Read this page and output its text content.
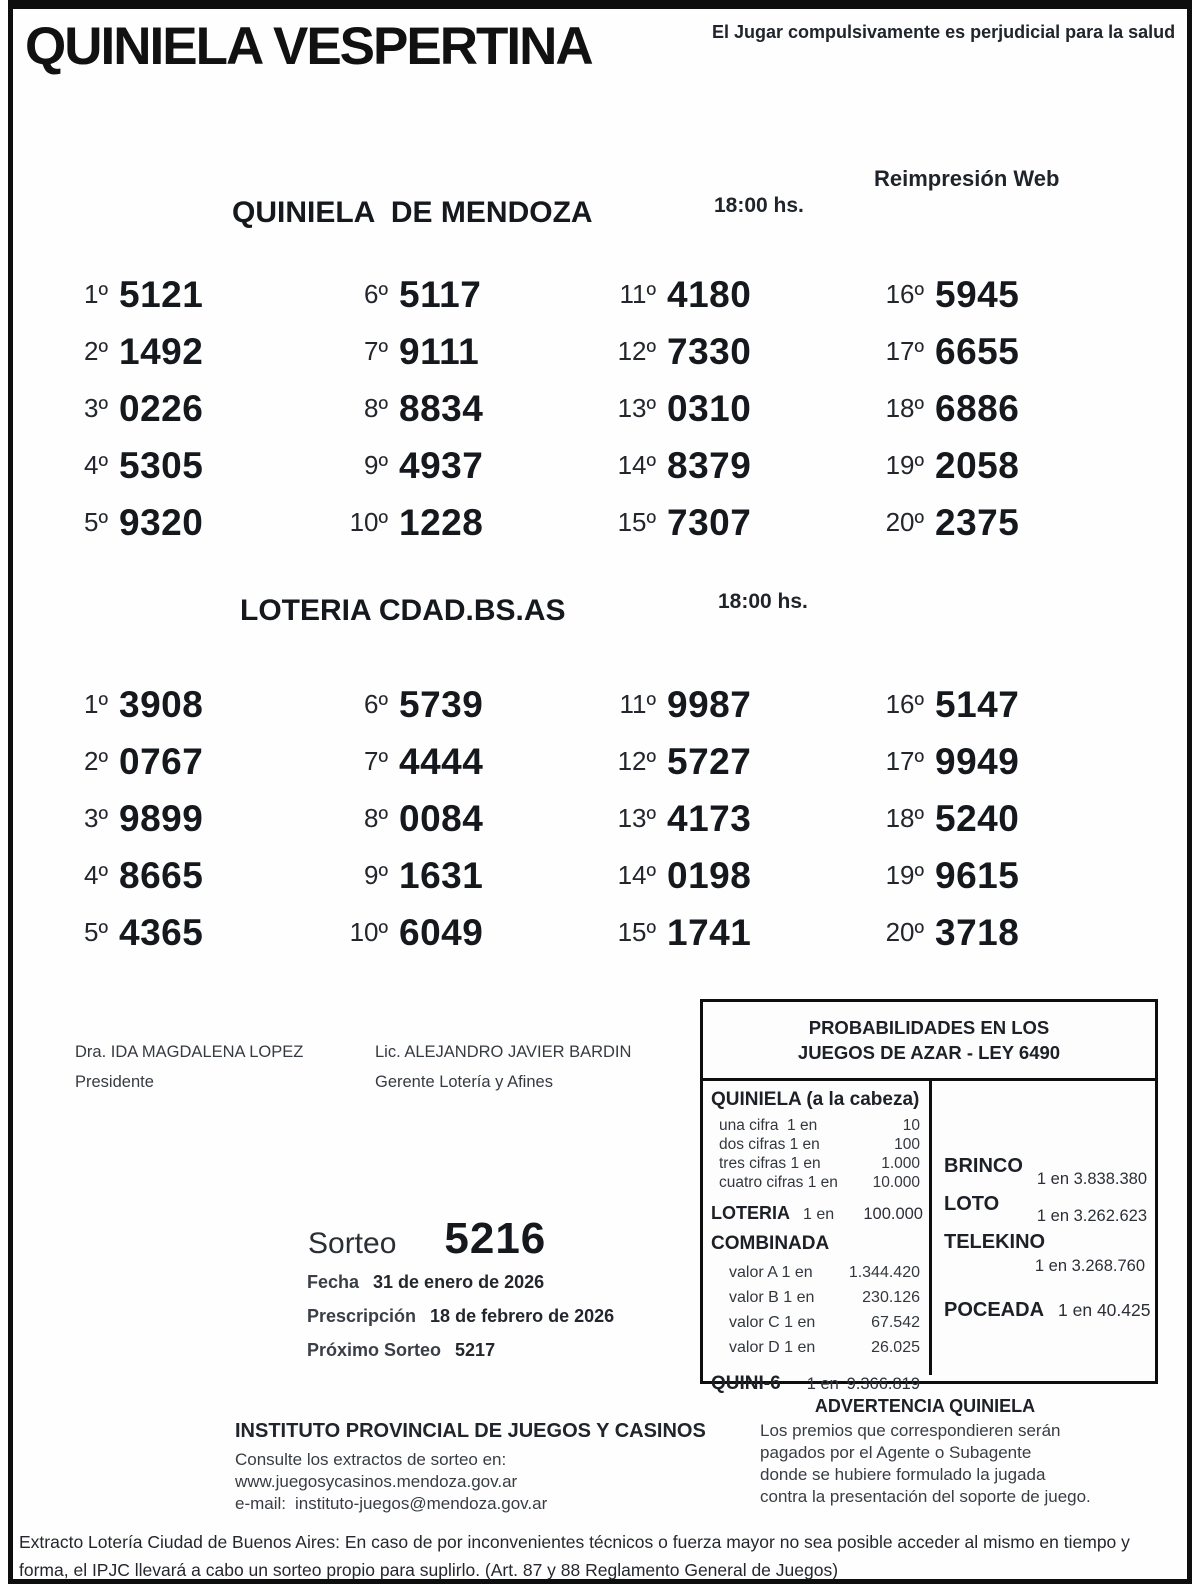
QUINIELA VESPERTINA	El Jugar compulsivamente es perjudicial para la salud
Reimpresión Web
QUINIELA  DE MENDOZA	18:00 hs.
1º 5121	6º 5117	11º 4180	16º 5945
2º 1492	7º 9111	12º 7330	17º 6655
3º 0226	8º 8834	13º 0310	18º 6886
4º 5305	9º 4937	14º 8379	19º 2058
5º 9320	10º 1228	15º 7307	20º 2375
LOTERIA CDAD.BS.AS	18:00 hs.
1º 3908	6º 5739	11º 9987	16º 5147
2º 0767	7º 4444	12º 5727	17º 9949
3º 9899	8º 0084	13º 4173	18º 5240
4º 8665	9º 1631	14º 0198	19º 9615
5º 4365	10º 6049	15º 1741	20º 3718
Dra. IDA MAGDALENA LOPEZ
Presidente
Lic. ALEJANDRO JAVIER BARDIN
Gerente Lotería y Afines
Sorteo 5216
Fecha 31 de enero de 2026
Prescripción 18 de febrero de 2026
Próximo Sorteo 5217
PROBABILIDADES EN LOS
JUEGOS DE AZAR - LEY 6490
QUINIELA (a la cabeza)
una cifra  1 en	10
dos cifras 1 en	100
tres cifras 1 en	1.000
cuatro cifras 1 en	10.000
LOTERIA 1 en	100.000
COMBINADA
valor A 1 en	1.344.420
valor B 1 en	230.126
valor C 1 en	67.542
valor D 1 en	26.025
QUINI-6 1 en 9.366.819
BRINCO
1 en 3.838.380
LOTO
1 en 3.262.623
TELEKINO
1 en 3.268.760
POCEADA 1 en 40.425
ADVERTENCIA QUINIELA
Los premios que correspondieren serán
pagados por el Agente o Subagente
donde se hubiere formulado la jugada
contra la presentación del soporte de juego.
INSTITUTO PROVINCIAL DE JUEGOS Y CASINOS
Consulte los extractos de sorteo en:
www.juegosycasinos.mendoza.gov.ar
e-mail: instituto-juegos@mendoza.gov.ar
Extracto Lotería Ciudad de Buenos Aires: En caso de por inconvenientes técnicos o fuerza mayor no sea posible acceder al mismo en tiempo y forma, el IPJC llevará a cabo un sorteo propio para suplirlo. (Art. 87 y 88 Reglamento General de Juegos)
